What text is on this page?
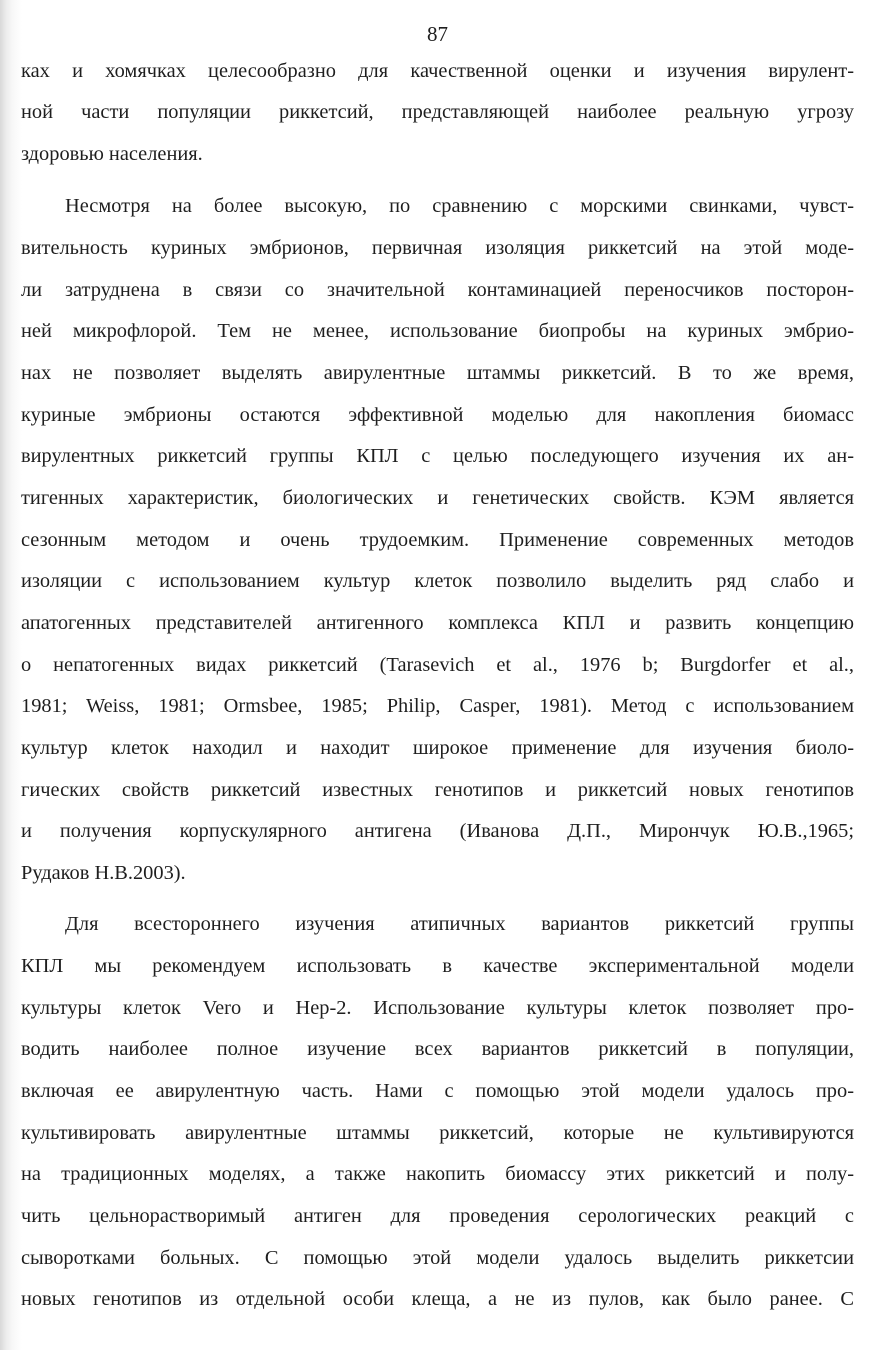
87
ках и хомячках целесообразно для качественной оценки и изучения вирулент-
ной части популяции риккетсий, представляющей наиболее реальную угрозу
здоровью населения.
Несмотря на более высокую, по сравнению с морскими свинками, чувст-
вительность куриных эмбрионов, первичная изоляция риккетсий на этой моде-
ли затруднена в связи со значительной контаминацией переносчиков посторон-
ней микрофлорой. Тем не менее, использование биопробы на куриных эмбрио-
нах не позволяет выделять авирулентные штаммы риккетсий. В то же время,
куриные эмбрионы остаются эффективной моделью для накопления биомасс
вирулентных риккетсий группы КПЛ с целью последующего изучения их ан-
тигенных характеристик, биологических и генетических свойств. КЭМ является
сезонным методом и очень трудоемким. Применение современных методов
изоляции с использованием культур клеток позволило выделить ряд слабо и
апатогенных представителей антигенного комплекса КПЛ и развить концепцию
о непатогенных видах риккетсий (Tarasevich et al., 1976 b; Burgdorfer et al.,
1981; Weiss, 1981; Ormsbee, 1985; Philip, Casper, 1981). Метод с использованием
культур клеток находил и находит широкое применение для изучения биоло-
гических свойств риккетсий известных генотипов и риккетсий новых генотипов
и получения корпускулярного антигена (Иванова Д.П., Мирончук Ю.В.,1965;
Рудаков Н.В.2003).
Для всестороннего изучения атипичных вариантов риккетсий группы
КПЛ мы рекомендуем использовать в качестве экспериментальной модели
культуры клеток Vero и Hep-2. Использование культуры клеток позволяет про-
водить наиболее полное изучение всех вариантов риккетсий в популяции,
включая ее авирулентную часть. Нами с помощью этой модели удалось про-
культивировать авирулентные штаммы риккетсий, которые не культивируются
на традиционных моделях, а также накопить биомассу этих риккетсий и полу-
чить цельнорастворимый антиген для проведения серологических реакций с
сыворотками больных. С помощью этой модели удалось выделить риккетсии
новых генотипов из отдельной особи клеща, а не из пулов, как было ранее. С
